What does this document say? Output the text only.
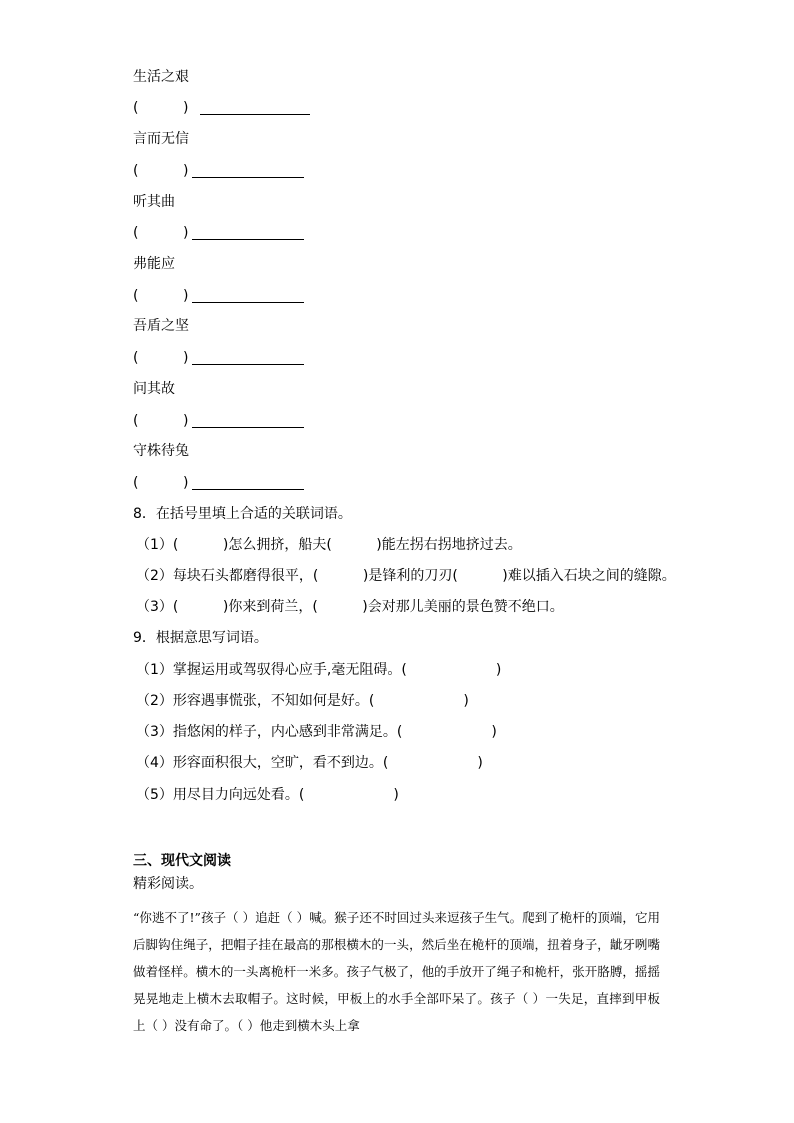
生活之艰
(          )
言而无信
(          )
听其曲
(          )
弗能应
(          )
吾盾之坚
(          )
问其故
(          )
守株待兔
(          )
8．在括号里填上合适的关联词语。
（1）(          )怎么拥挤，船夫(          )能左拐右拐地挤过去。
（2）每块石头都磨得很平，(          )是锋利的刀刃(          )难以插入石块之间的缝隙。
（3）(          )你来到荷兰，(          )会对那儿美丽的景色赞不绝口。
9．根据意思写词语。
（1）掌握运用或驾驭得心应手,毫无阻碍。(                    )
（2）形容遇事慌张，不知如何是好。(                    )
（3）指悠闲的样子，内心感到非常满足。(                    )
（4）形容面积很大，空旷，看不到边。(                    )
（5）用尽目力向远处看。(                    )
三、现代文阅读
精彩阅读。

“你逃不了!”孩子（ ）追赶（ ）喊。猴子还不时回过头来逗孩子生气。爬到了桅杆的顶端，它用后脚钩住绳子，把帽子挂在最高的那根横木的一头，然后坐在桅杆的顶端，扭着身子，龇牙咧嘴做着怪样。横木的一头离桅杆一米多。孩子气极了，他的手放开了绳子和桅杆，张开胳膊，摇摇晃晃地走上横木去取帽子。这时候，甲板上的水手全部吓呆了。孩子（ ）一失足，直摔到甲板上（ ）没有命了。（ ）他走到横木头上拿
